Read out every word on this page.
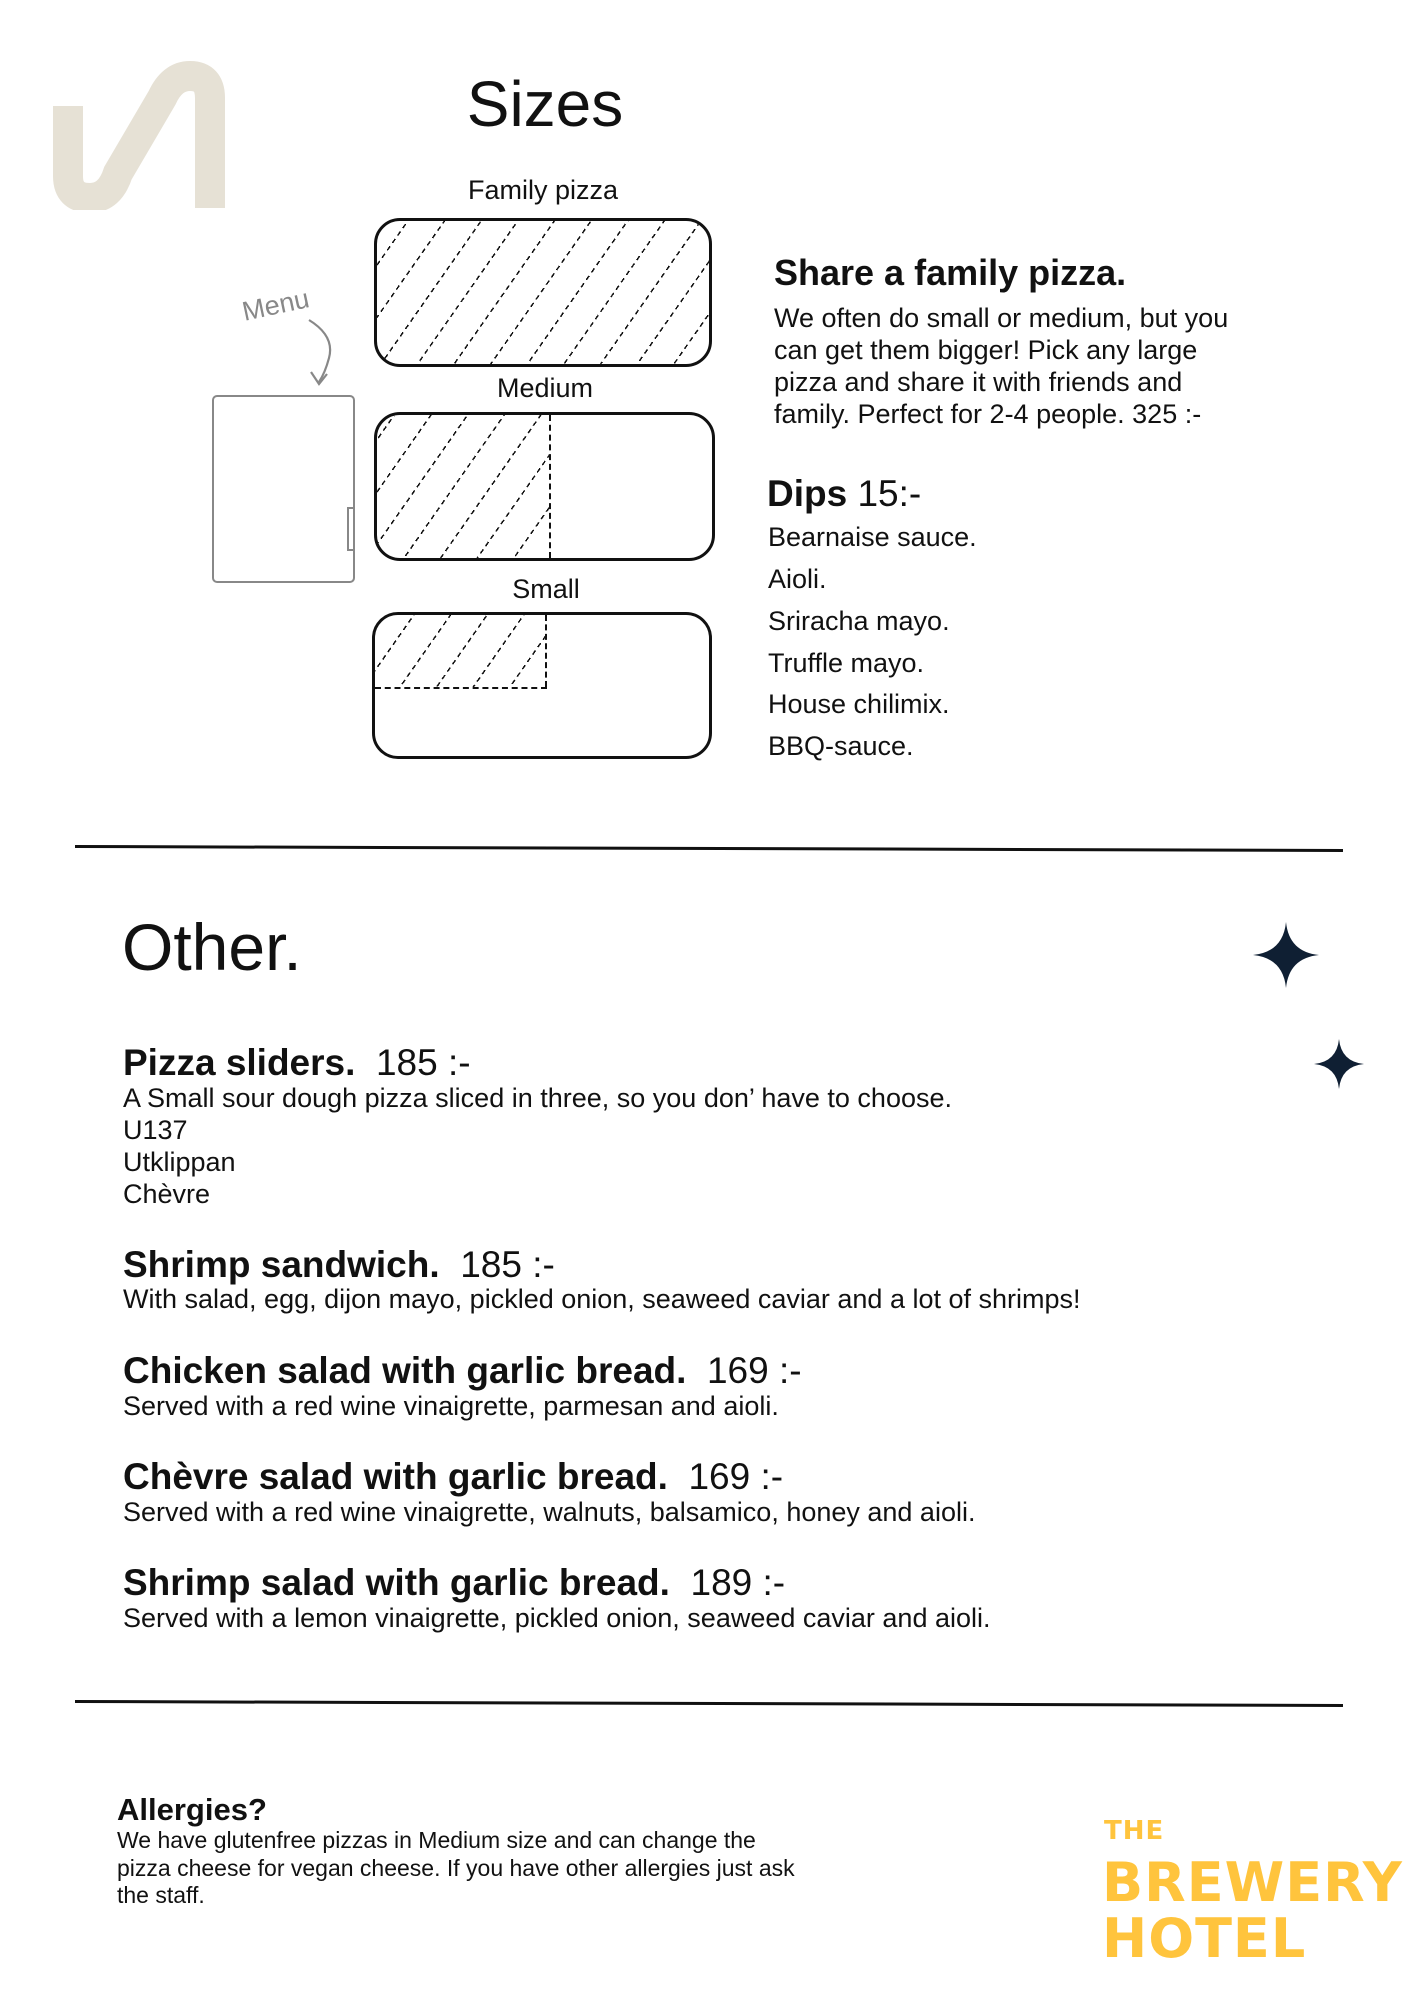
Sizes
Family pizza
Medium
Small
Menu
Share a family pizza.
We often do small or medium, but you
can get them bigger! Pick any large
pizza and share it with friends and
family. Perfect for 2-4 people. 325 :-
Dips 15:-
Bearnaise sauce.
Aioli.
Sriracha mayo.
Truffle mayo.
House chilimix.
BBQ-sauce.
Other.
Pizza sliders. 185 :-
A Small sour dough pizza sliced in three, so you don’ have to choose.
U137
Utklippan
Chèvre
Shrimp sandwich. 185 :-
With salad, egg, dijon mayo, pickled onion, seaweed caviar and a lot of shrimps!
Chicken salad with garlic bread. 169 :-
Served with a red wine vinaigrette, parmesan and aioli.
Chèvre salad with garlic bread. 169 :-
Served with a red wine vinaigrette, walnuts, balsamico, honey and aioli.
Shrimp salad with garlic bread. 189 :-
Served with a lemon vinaigrette, pickled onion, seaweed caviar and aioli.
Allergies?
We have glutenfree pizzas in Medium size and can change the
pizza cheese for vegan cheese. If you have other allergies just ask
the staff.
THE
BREWERY
HOTEL
